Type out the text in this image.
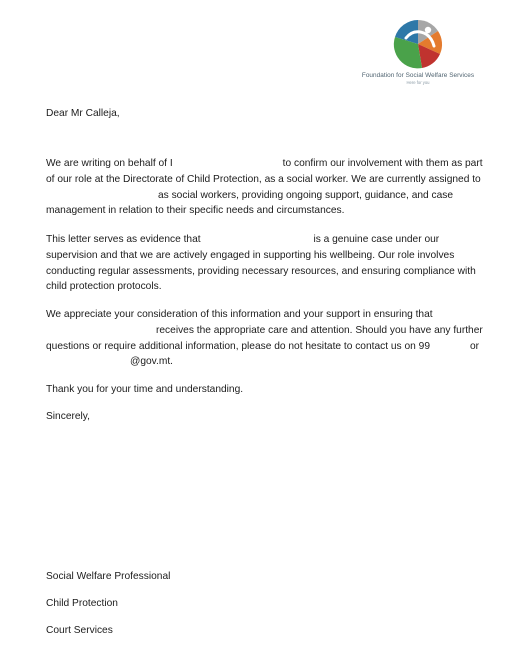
Foundation for Social Welfare Services
Here for you
Dear Mr Calleja,

We are writing on behalf of I	to confirm our involvement with them as part of our role at the Directorate of Child Protection, as a social worker. We are currently assigned toas social workers, providing ongoing support, guidance, and case management in relation to their specific needs and circumstances.

This letter serves as evidence that	is a genuine case under our supervision and that we are actively engaged in supporting his wellbeing. Our role involves conducting regular assessments, providing necessary resources, and ensuring compliance with child protection protocols.

We appreciate your consideration of this information and your support in ensuring that receives the appropriate care and attention. Should you have any further questions or require additional information, please do not hesitate to contact us on 99	or@gov.mt.

Thank you for your time and understanding.
Sincerely,
Social Welfare Professional
Child Protection
Court Services
